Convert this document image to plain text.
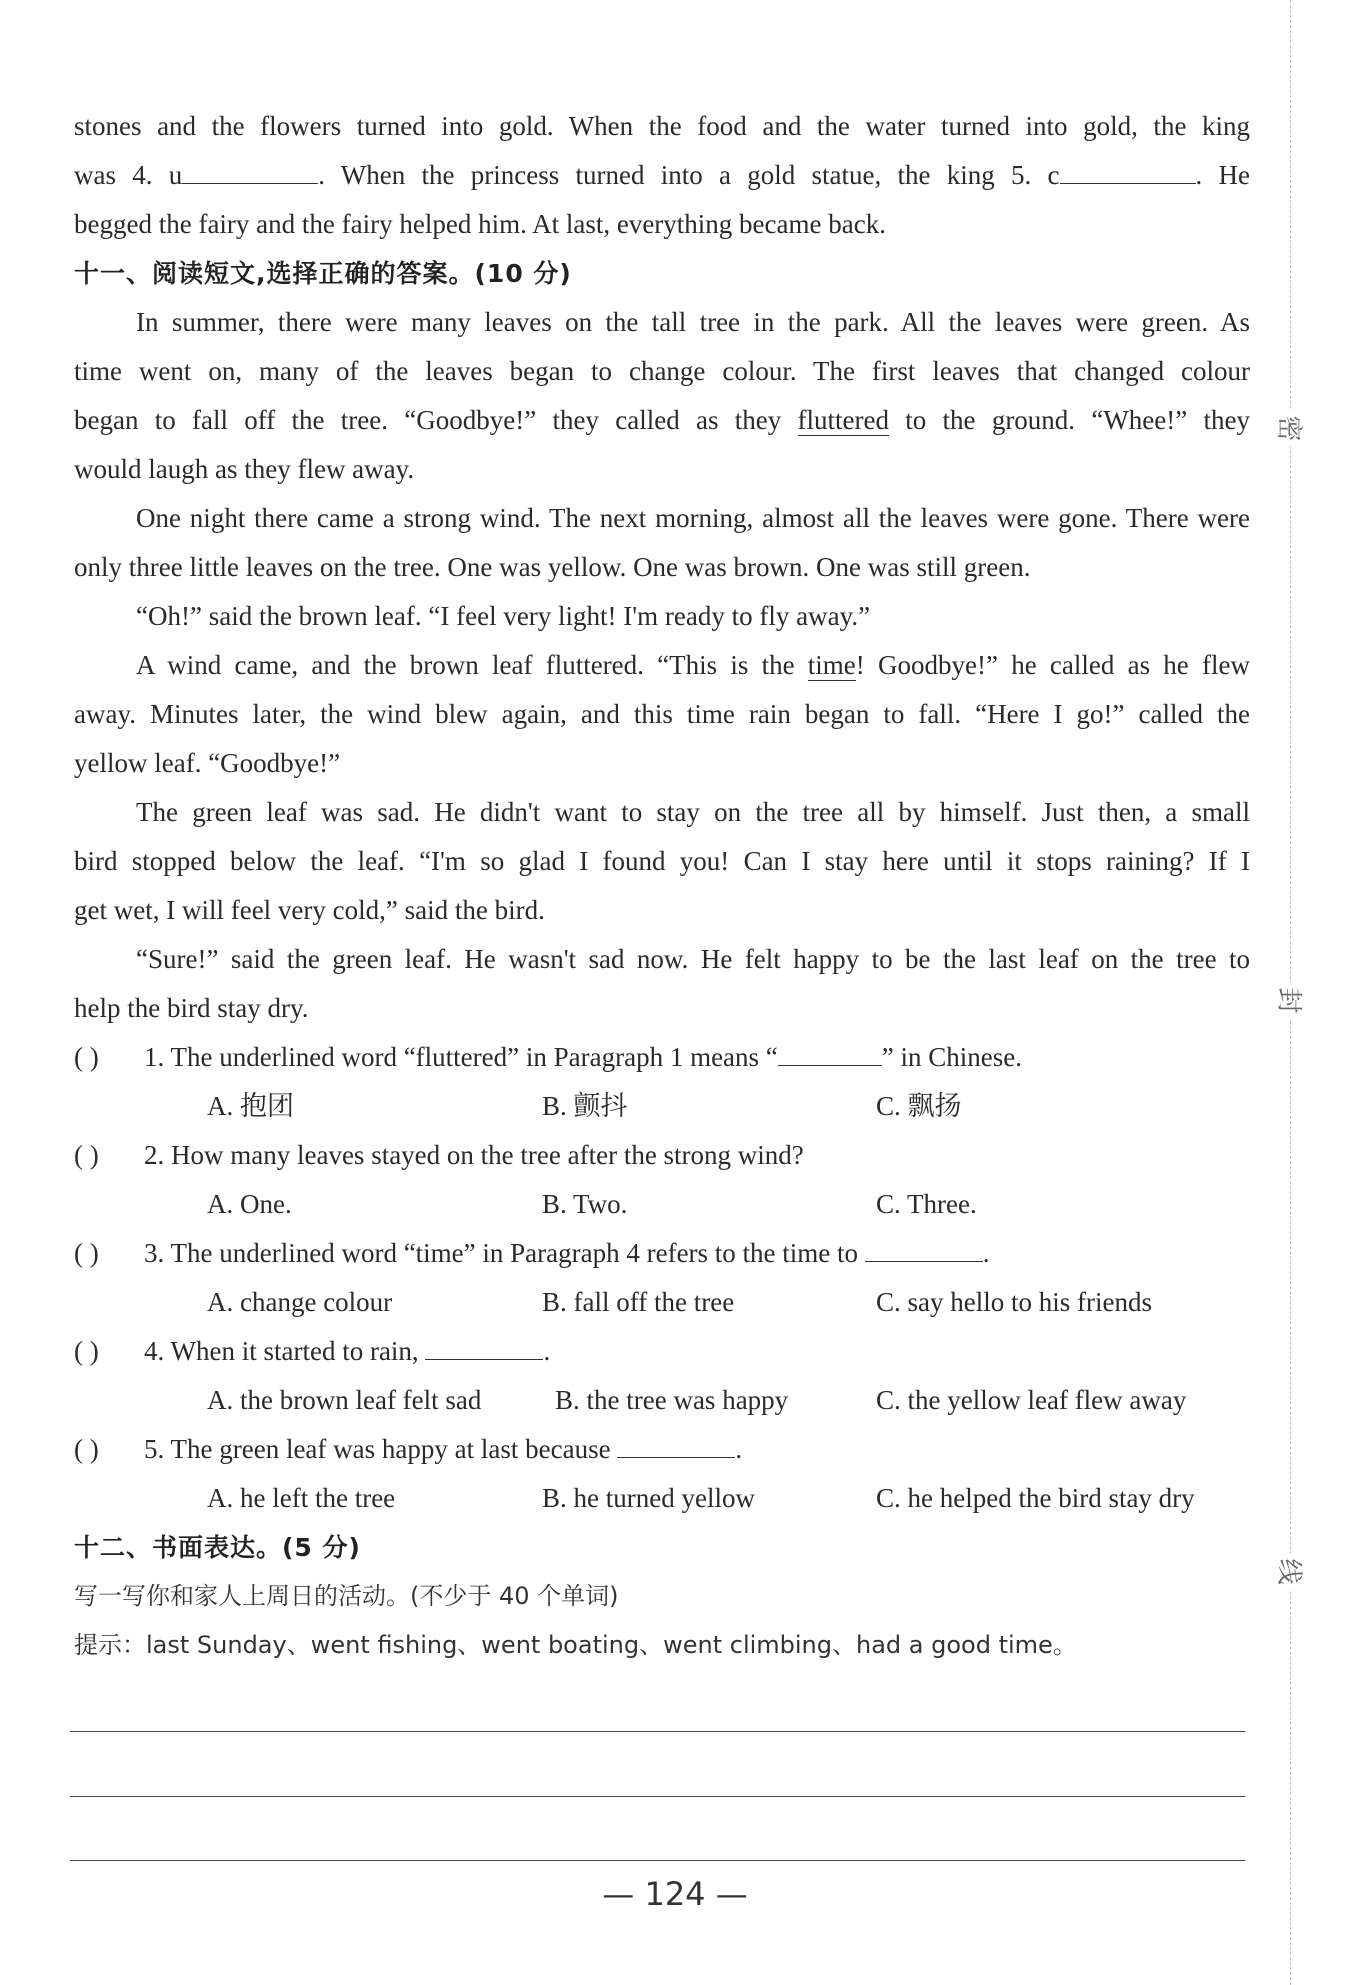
stones and the flowers turned into gold. When the food and the water turned into gold, the king
was 4. u	. When the princess turned into a gold statue, the king 5. c	. He
begged the fairy and the fairy helped him. At last, everything became back.
十一、阅读短文,选择正确的答案。(10 分)
In summer, there were many leaves on the tall tree in the park. All the leaves were green. As
time went on, many of the leaves began to change colour. The first leaves that changed colour
began to fall off the tree. “Goodbye!” they called as they fluttered to the ground. “Whee!” they
would laugh as they flew away.
One night there came a strong wind. The next morning, almost all the leaves were gone. There were
only three little leaves on the tree. One was yellow. One was brown. One was still green.
“Oh!” said the brown leaf. “I feel very light! I'm ready to fly away.”
A wind came, and the brown leaf fluttered. “This is the time! Goodbye!” he called as he flew
away. Minutes later, the wind blew again, and this time rain began to fall. “Here I go!” called the
yellow leaf. “Goodbye!”
The green leaf was sad. He didn't want to stay on the tree all by himself. Just then, a small
bird stopped below the leaf. “I'm so glad I found you! Can I stay here until it stops raining? If I
get wet, I will feel very cold,” said the bird.
“Sure!” said the green leaf. He wasn't sad now. He felt happy to be the last leaf on the tree to
help the bird stay dry.
( ) 1. The underlined word “fluttered” in Paragraph 1 means “	” in Chinese.
A. 抱团	B. 颤抖	C. 飘扬
( ) 2. How many leaves stayed on the tree after the strong wind?
A. One.	B. Two.	C. Three.
( ) 3. The underlined word “time” in Paragraph 4 refers to the time to	.
A. change colour	B. fall off the tree	C. say hello to his friends
( ) 4. When it started to rain,	.
A. the brown leaf felt sad	B. the tree was happy	C. the yellow leaf flew away
( ) 5. The green leaf was happy at last because	.
A. he left the tree	B. he turned yellow	C. he helped the bird stay dry
十二、书面表达。(5 分)
写一写你和家人上周日的活动。(不少于 40 个单词)
提示：last Sunday、went fishing、went boating、went climbing、had a good time。
— 124 —
密
封
线
